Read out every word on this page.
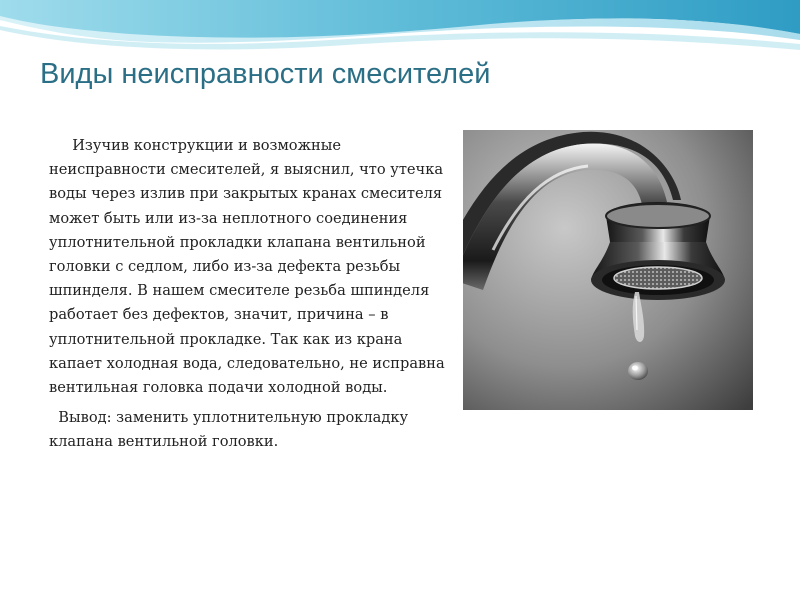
Виды неисправности смесителей

Изучив конструкции и возможные неисправности смесителей, я выяснил, что утечка воды через излив при закрытых кранах смесителя может быть или из-за неплотного соединения уплотнительной прокладки клапана вентильной головки с седлом, либо из-за дефекта резьбы шпинделя. В нашем смесителе резьба шпинделя работает без дефектов, значит, причина – в уплотнительной прокладке. Так как из крана капает холодная вода, следовательно, не исправна вентильная головка подачи холодной воды.

Вывод: заменить уплотнительную прокладку клапана вентильной головки.
